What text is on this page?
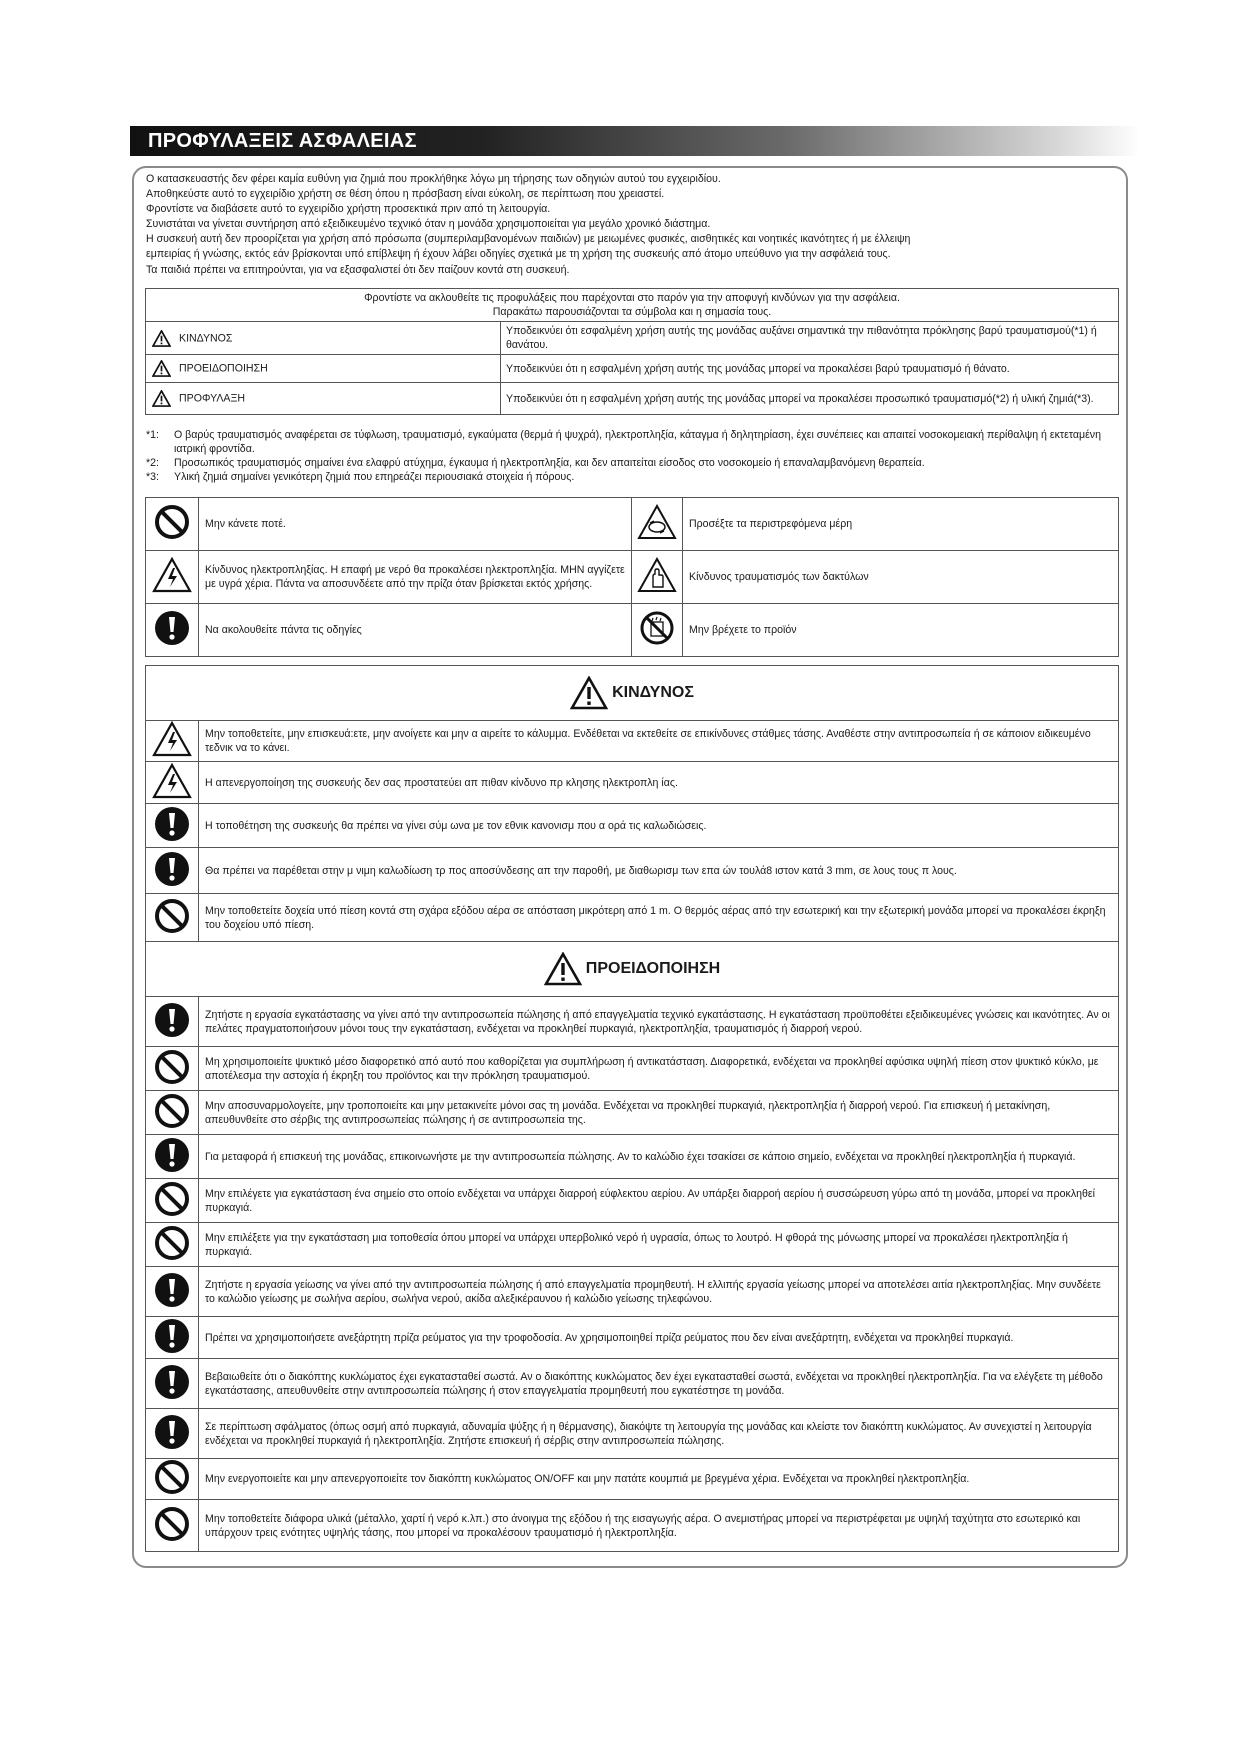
ΠΡΟΦΥΛΑΞΕΙΣ ΑΣΦΑΛΕΙΑΣ
Ο κατασκευαστής δεν φέρει καμία ευθύνη για ζημιά που προκλήθηκε λόγω μη τήρησης των οδηγιών αυτού του εγχειριδίου.
Αποθηκεύστε αυτό το εγχειρίδιο χρήστη σε θέση όπου η πρόσβαση είναι εύκολη, σε περίπτωση που χρειαστεί.
Φροντίστε να διαβάσετε αυτό το εγχειρίδιο χρήστη προσεκτικά πριν από τη λειτουργία.
Συνιστάται να γίνεται συντήρηση από εξειδικευμένο τεχνικό όταν η μονάδα χρησιμοποιείται για μεγάλο χρονικό διάστημα.
Η συσκευή αυτή δεν προορίζεται για χρήση από πρόσωπα (συμπεριλαμβανομένων παιδιών) με μειωμένες φυσικές, αισθητικές και νοητικές ικανότητες ή με έλλειψη
εμπειρίας ή γνώσης, εκτός εάν βρίσκονται υπό επίβλεψη ή έχουν λάβει οδηγίες σχετικά με τη χρήση της συσκευής από άτομο υπεύθυνο για την ασφάλειά τους.
Τα παιδιά πρέπει να επιτηρούνται, για να εξασφαλιστεί ότι δεν παίζουν κοντά στη συσκευή.
Φροντίστε να ακλουθείτε τις προφυλάξεις που παρέχονται στο παρόν για την αποφυγή κινδύνων για την ασφάλεια.
Παρακάτω παρουσιάζονται τα σύμβολα και η σημασία τους.	

ΚΙΝΔΥΝΟΣ	Υποδεικνύει ότι εσφαλμένη χρήση αυτής της μονάδας αυξάνει σημαντικά την πιθανότητα πρόκλησης βαρύ τραυματισμού(*1) ή θανάτου.
ΠΡΟΕΙΔΟΠΟΙΗΣΗ	Υποδεικνύει ότι η εσφαλμένη χρήση αυτής της μονάδας μπορεί να προκαλέσει βαρύ τραυματισμό ή θάνατο.
ΠΡΟΦΥΛΑΞΗ	Υποδεικνύει ότι η εσφαλμένη χρήση αυτής της μονάδας μπορεί να προκαλέσει προσωπικό τραυματισμό(*2) ή υλική ζημιά(*3).
*1:	Ο βαρύς τραυματισμός αναφέρεται σε τύφλωση, τραυματισμό, εγκαύματα (θερμά ή ψυχρά), ηλεκτροπληξία, κάταγμα ή δηλητηρίαση, έχει συνέπειες και απαιτεί νοσοκομειακή περίθαλψη ή εκτεταμένη ιατρική φροντίδα.
*2:	Προσωπικός τραυματισμός σημαίνει ένα ελαφρύ ατύχημα, έγκαυμα ή ηλεκτροπληξία, και δεν απαιτείται είσοδος στο νοσοκομείο ή επαναλαμβανόμενη θεραπεία.
*3:	Υλική ζημιά σημαίνει γενικότερη ζημιά που επηρεάζει περιουσιακά στοιχεία ή πόρους.
	Μην κάνετε ποτέ.		Προσέξτε τα περιστρεφόμενα μέρη
	Κίνδυνος ηλεκτροπληξίας. Η επαφή με νερό θα προκαλέσει ηλεκτροπληξία. ΜΗΝ αγγίζετε με υγρά χέρια. Πάντα να αποσυνδέετε από την πρίζα όταν βρίσκεται εκτός χρήσης.		Κίνδυνος τραυματισμός των δακτύλων
	Να ακολουθείτε πάντα τις οδηγίες		Μην βρέχετε το προϊόν
ΚΙΝΔΥΝΟΣ	
	Μην τοποθετείτε, μην επισκευά:ετε, μην ανοίγετε και μην α αιρείτε το κάλυμμα. Ενδέθεται να εκτεθείτε σε επικίνδυνες στάθμες τάσης. Αναθέστε στην αντιπροσωπεία ή σε κάποιον ειδικευμένο τεδνικ να το κάνει.
	Η απενεργοποίηση της συσκευής δεν σας προστατεύει απ πιθαν κίνδυνο πρ κλησης ηλεκτροπλη ίας.
	Η τοποθέτηση της συσκευής θα πρέπει να γίνει σύμ ωνα με τον εθνικ κανονισμ που α ορά τις καλωδιώσεις.
	Θα πρέπει να παρέθεται στην μ νιμη καλωδίωση τρ πος αποσύνδεσης απ την παροθή, με διαθωρισμ των επα ών τουλά8 ιστον κατά 3 mm, σε λους τους π λους.
	Μην τοποθετείτε δοχεία υπό πίεση κοντά στη σχάρα εξόδου αέρα σε απόσταση μικρότερη από 1 m. Ο θερμός αέρας από την εσωτερική και την εξωτερική μονάδα μπορεί να προκαλέσει έκρηξη του δοχείου υπό πίεση.
ΠΡΟΕΙΔΟΠΟΙΗΣΗ	
	Ζητήστε η εργασία εγκατάστασης να γίνει από την αντιπροσωπεία πώλησης ή από επαγγελματία τεχνικό εγκατάστασης. Η εγκατάσταση προϋποθέτει εξειδικευμένες γνώσεις και ικανότητες. Αν οι πελάτες πραγματοποιήσουν μόνοι τους την εγκατάσταση, ενδέχεται να προκληθεί πυρκαγιά, ηλεκτροπληξία, τραυματισμός ή διαρροή νερού.
	Μη χρησιμοποιείτε ψυκτικό μέσο διαφορετικό από αυτό που καθορίζεται για συμπλήρωση ή αντικατάσταση. Διαφορετικά, ενδέχεται να προκληθεί αφύσικα υψηλή πίεση στον ψυκτικό κύκλο, με αποτέλεσμα την αστοχία ή έκρηξη του προϊόντος και την πρόκληση τραυματισμού.
	Μην αποσυναρμολογείτε, μην τροποποιείτε και μην μετακινείτε μόνοι σας τη μονάδα. Ενδέχεται να προκληθεί πυρκαγιά, ηλεκτροπληξία ή διαρροή νερού. Για επισκευή ή μετακίνηση, απευθυνθείτε στο σέρβις της αντιπροσωπείας πώλησης ή σε αντιπροσωπεία της.
	Για μεταφορά ή επισκευή της μονάδας, επικοινωνήστε με την αντιπροσωπεία πώλησης. Αν το καλώδιο έχει τσακίσει σε κάποιο σημείο, ενδέχεται να προκληθεί ηλεκτροπληξία ή πυρκαγιά.
	Μην επιλέγετε για εγκατάσταση ένα σημείο στο οποίο ενδέχεται να υπάρχει διαρροή εύφλεκτου αερίου. Αν υπάρξει διαρροή αερίου ή συσσώρευση γύρω από τη μονάδα, μπορεί να προκληθεί πυρκαγιά.
	Μην επιλέξετε για την εγκατάσταση μια τοποθεσία όπου μπορεί να υπάρχει υπερβολικό νερό ή υγρασία, όπως το λουτρό. Η φθορά της μόνωσης μπορεί να προκαλέσει ηλεκτροπληξία ή πυρκαγιά.
	Ζητήστε η εργασία γείωσης να γίνει από την αντιπροσωπεία πώλησης ή από επαγγελματία προμηθευτή. Η ελλιπής εργασία γείωσης μπορεί να αποτελέσει αιτία ηλεκτροπληξίας. Μην συνδέετε το καλώδιο γείωσης με σωλήνα αερίου, σωλήνα νερού, ακίδα αλεξικέραυνου ή καλώδιο γείωσης τηλεφώνου.
	Πρέπει να χρησιμοποιήσετε ανεξάρτητη πρίζα ρεύματος για την τροφοδοσία. Αν χρησιμοποιηθεί πρίζα ρεύματος που δεν είναι ανεξάρτητη, ενδέχεται να προκληθεί πυρκαγιά.
	Βεβαιωθείτε ότι ο διακόπτης κυκλώματος έχει εγκατασταθεί σωστά. Αν ο διακόπτης κυκλώματος δεν έχει εγκατασταθεί σωστά, ενδέχεται να προκληθεί ηλεκτροπληξία. Για να ελέγξετε τη μέθοδο εγκατάστασης, απευθυνθείτε στην αντιπροσωπεία πώλησης ή στον επαγγελματία προμηθευτή που εγκατέστησε τη μονάδα.
	Σε περίπτωση σφάλματος (όπως οσμή από πυρκαγιά, αδυναμία ψύξης ή η θέρμανσης), διακόψτε τη λειτουργία της μονάδας και κλείστε τον διακόπτη κυκλώματος. Αν συνεχιστεί η λειτουργία ενδέχεται να προκληθεί πυρκαγιά ή ηλεκτροπληξία. Ζητήστε επισκευή ή σέρβις στην αντιπροσωπεία πώλησης.
	Μην ενεργοποιείτε και μην απενεργοποιείτε τον διακόπτη κυκλώματος ON/OFF και μην πατάτε κουμπιά με βρεγμένα χέρια. Ενδέχεται να προκληθεί ηλεκτροπληξία.
	Μην τοποθετείτε διάφορα υλικά (μέταλλο, χαρτί ή νερό κ.λπ.) στο άνοιγμα της εξόδου ή της εισαγωγής αέρα. Ο ανεμιστήρας μπορεί να περιστρέφεται με υψηλή ταχύτητα στο εσωτερικό και υπάρχουν τρεις ενότητες υψηλής τάσης, που μπορεί να προκαλέσουν τραυματισμό ή ηλεκτροπληξία.
